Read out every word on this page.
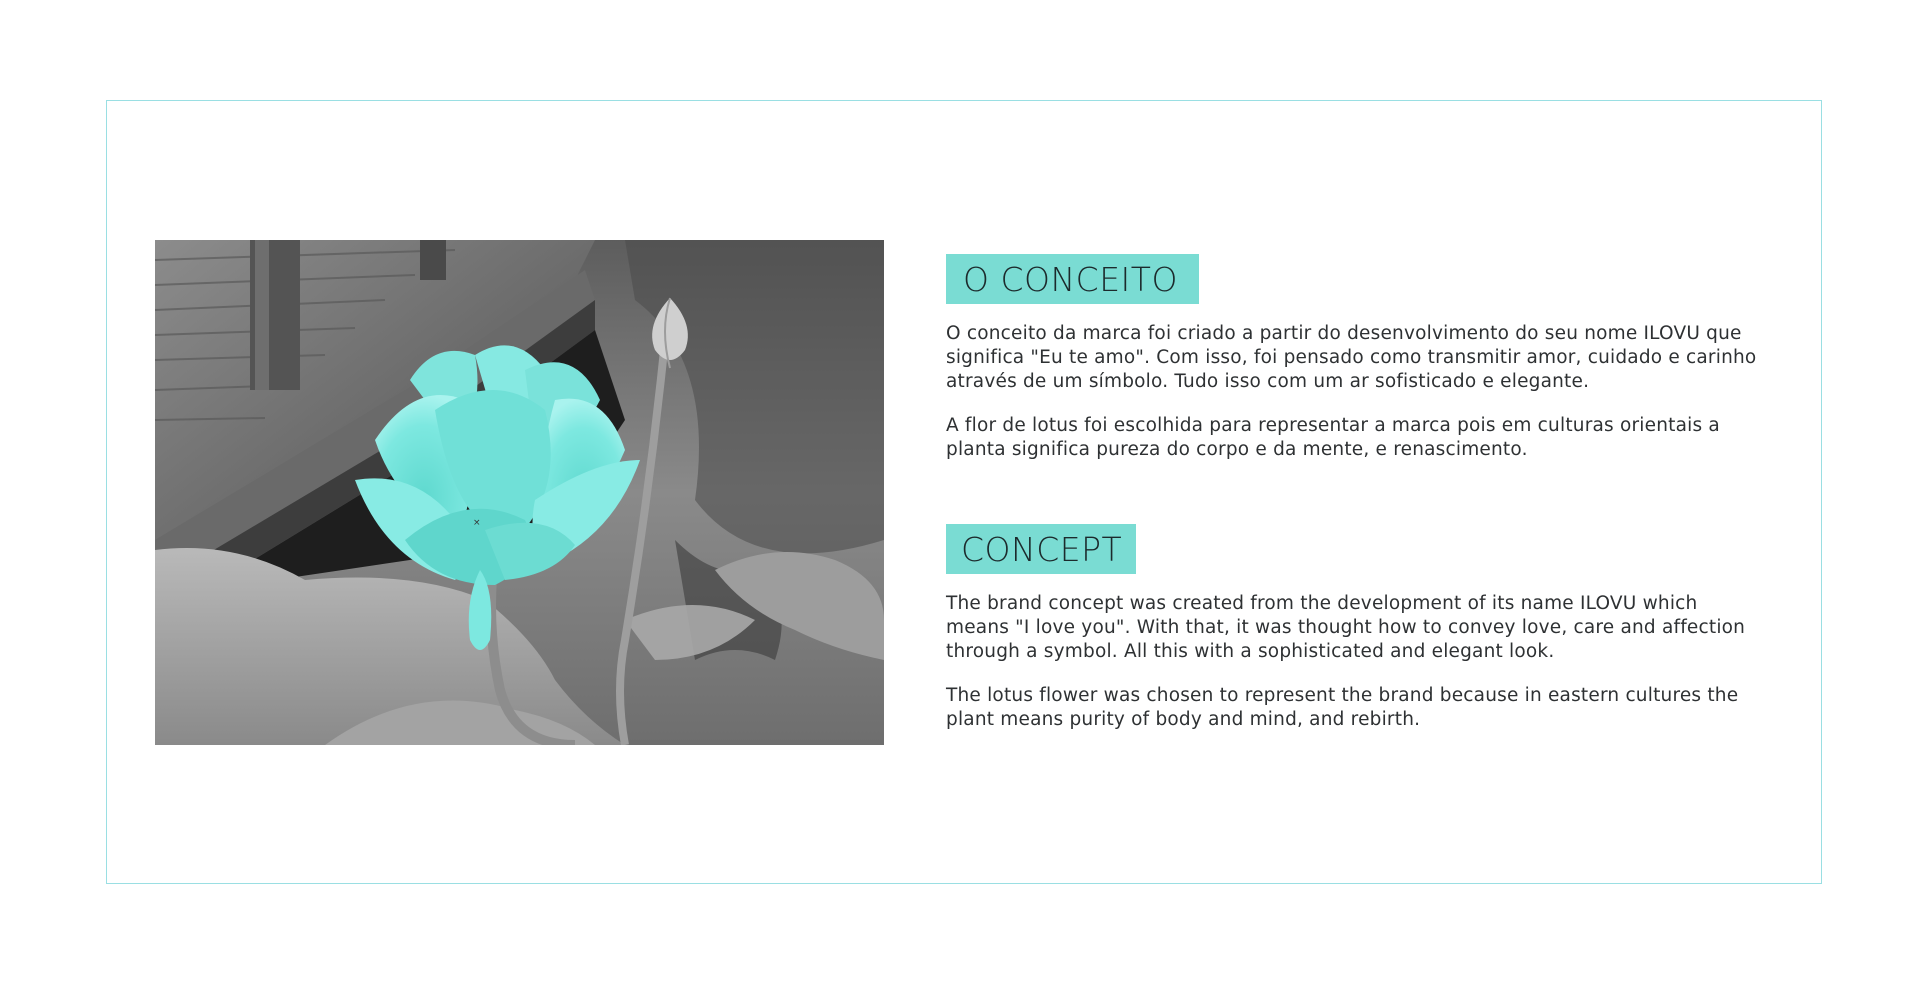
×
O CONCEITO

O conceito da marca foi criado a partir do desenvolvimento do seu nome ILOVU que significa "Eu te amo". Com isso, foi pensado como transmitir amor, cuidado e carinho através de um símbolo. Tudo isso com um ar sofisticado e elegante.

A flor de lotus foi escolhida para representar a marca pois em culturas orientais a planta significa pureza do corpo e da mente, e renascimento.

CONCEPT

The brand concept was created from the development of its name ILOVU which means "I love you". With that, it was thought how to convey love, care and affection through a symbol. All this with a sophisticated and elegant look.

The lotus flower was chosen to represent the brand because in eastern cultures the plant means purity of body and mind, and rebirth.
